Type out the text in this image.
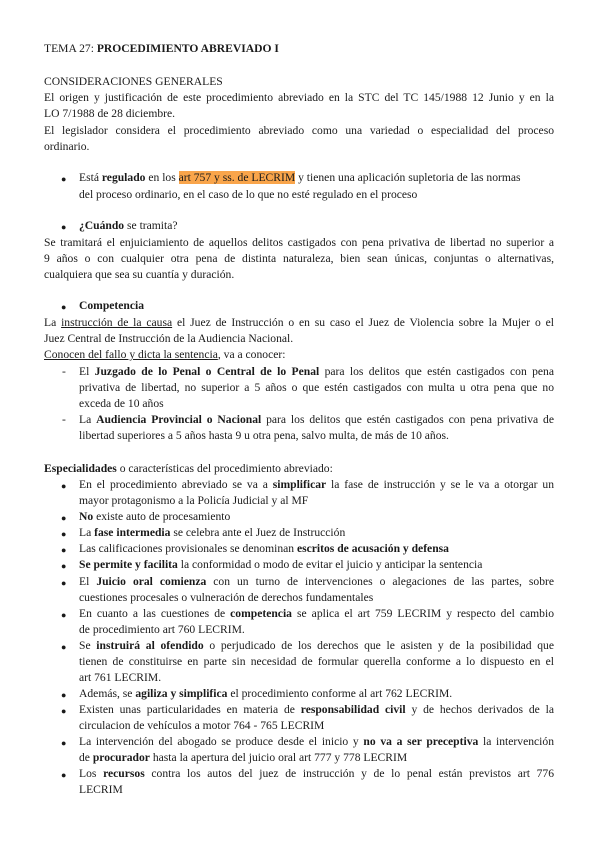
TEMA 27: PROCEDIMIENTO ABREVIADO I

CONSIDERACIONES GENERALES

El origen y justificación de este procedimiento abreviado en la STC del TC 145/1988 12 Junio y en la

LO 7/1988 de 28 diciembre.

El legislador considera el procedimiento abreviado como una variedad o especialidad del proceso

ordinario.

●	Está regulado en los art 757 y ss. de LECRIM y tienen una aplicación supletoria de las normas

del proceso ordinario, en el caso de lo que no esté regulado en el proceso

●	¿Cuándo se tramita?

Se tramitará el enjuiciamiento de aquellos delitos castigados con pena privativa de libertad no superior a

9 años o con cualquier otra pena de distinta naturaleza, bien sean únicas, conjuntas o alternativas,

cualquiera que sea su cuantía y duración.

●	Competencia

La instrucción de la causa el Juez de Instrucción o en su caso el Juez de Violencia sobre la Mujer o el

Juez Central de Instrucción de la Audiencia Nacional.

Conocen del fallo y dicta la sentencia, va a conocer:

-	El Juzgado de lo Penal o Central de lo Penal para los delitos que estén castigados con pena

privativa de libertad, no superior a 5 años o que estén castigados con multa u otra pena que no

exceda de 10 años

-	La Audiencia Provincial o Nacional para los delitos que estén castigados con pena privativa de

libertad superiores a 5 años hasta 9 u otra pena, salvo multa, de más de 10 años.

Especialidades o características del procedimiento abreviado:

●	En el procedimiento abreviado se va a simplificar la fase de instrucción y se le va a otorgar un

mayor protagonismo a la Policía Judicial y al MF

●	No existe auto de procesamiento

●	La fase intermedia se celebra ante el Juez de Instrucción

●	Las calificaciones provisionales se denominan escritos de acusación y defensa

●	Se permite y facilita la conformidad o modo de evitar el juicio y anticipar la sentencia

●	El Juicio oral comienza con un turno de intervenciones o alegaciones de las partes, sobre

cuestiones procesales o vulneración de derechos fundamentales

●	En cuanto a las cuestiones de competencia se aplica el art 759 LECRIM y respecto del cambio

de procedimiento art 760 LECRIM.

●	Se instruirá al ofendido o perjudicado de los derechos que le asisten y de la posibilidad que

tienen de constituirse en parte sin necesidad de formular querella conforme a lo dispuesto en el

art 761 LECRIM.

●	Además, se agiliza y simplifica el procedimiento conforme al art 762 LECRIM.

●	Existen unas particularidades en materia de responsabilidad civil y de hechos derivados de la

circulacion de vehículos a motor 764 - 765 LECRIM

●	La intervención del abogado se produce desde el inicio y no va a ser preceptiva la intervención

de procurador hasta la apertura del juicio oral art 777 y 778 LECRIM

●	Los recursos contra los autos del juez de instrucción y de lo penal están previstos art 776

LECRIM
